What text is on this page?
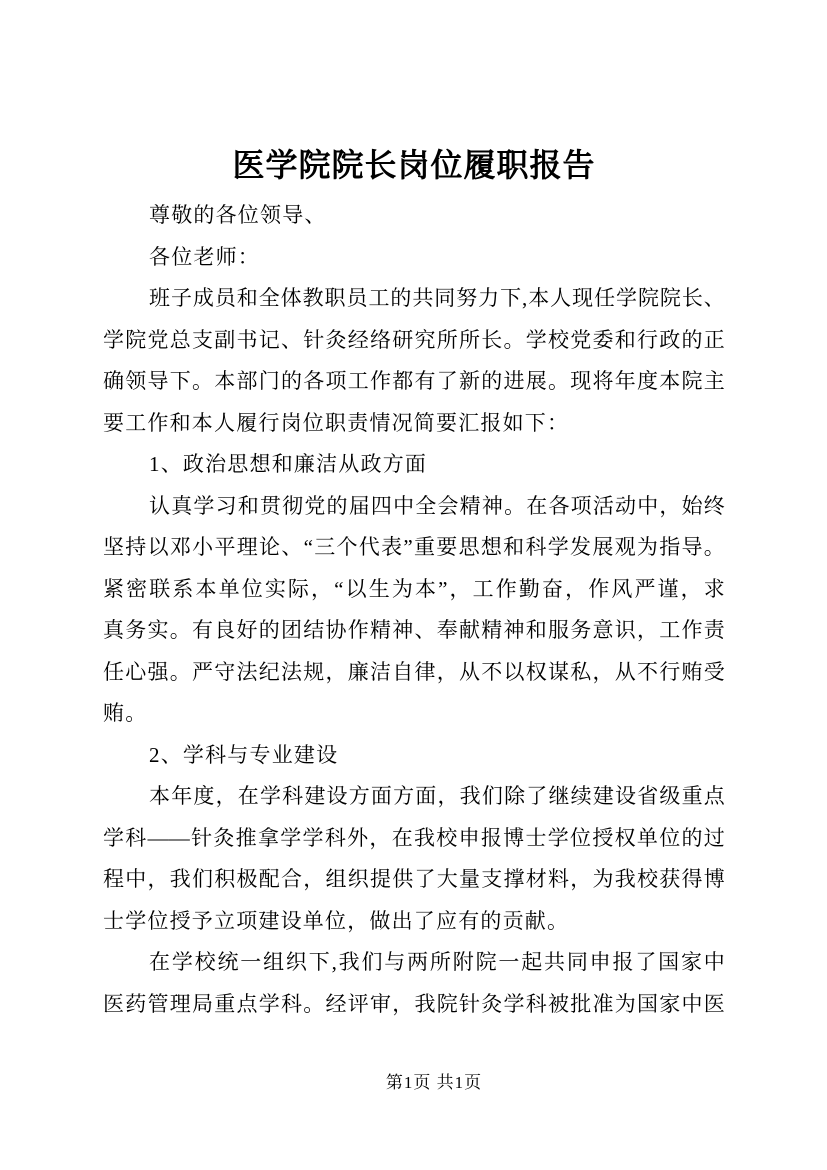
医学院院长岗位履职报告
尊敬的各位领导、
各位老师：
班子成员和全体教职员工的共同努力下,本人现任学院院长、
学院党总支副书记、针灸经络研究所所长。学校党委和行政的正
确领导下。本部门的各项工作都有了新的进展。现将年度本院主
要工作和本人履行岗位职责情况简要汇报如下：
1、政治思想和廉洁从政方面
认真学习和贯彻党的届四中全会精神。在各项活动中，始终
坚持以邓小平理论、“三个代表”重要思想和科学发展观为指导。
紧密联系本单位实际，“以生为本”，工作勤奋，作风严谨，求
真务实。有良好的团结协作精神、奉献精神和服务意识，工作责
任心强。严守法纪法规，廉洁自律，从不以权谋私，从不行贿受
贿。
2、学科与专业建设
本年度，在学科建设方面方面，我们除了继续建设省级重点
学科——针灸推拿学学科外，在我校申报博士学位授权单位的过
程中，我们积极配合，组织提供了大量支撑材料，为我校获得博
士学位授予立项建设单位，做出了应有的贡献。
在学校统一组织下,我们与两所附院一起共同申报了国家中
医药管理局重点学科。经评审，我院针灸学科被批准为国家中医
第1页 共1页
